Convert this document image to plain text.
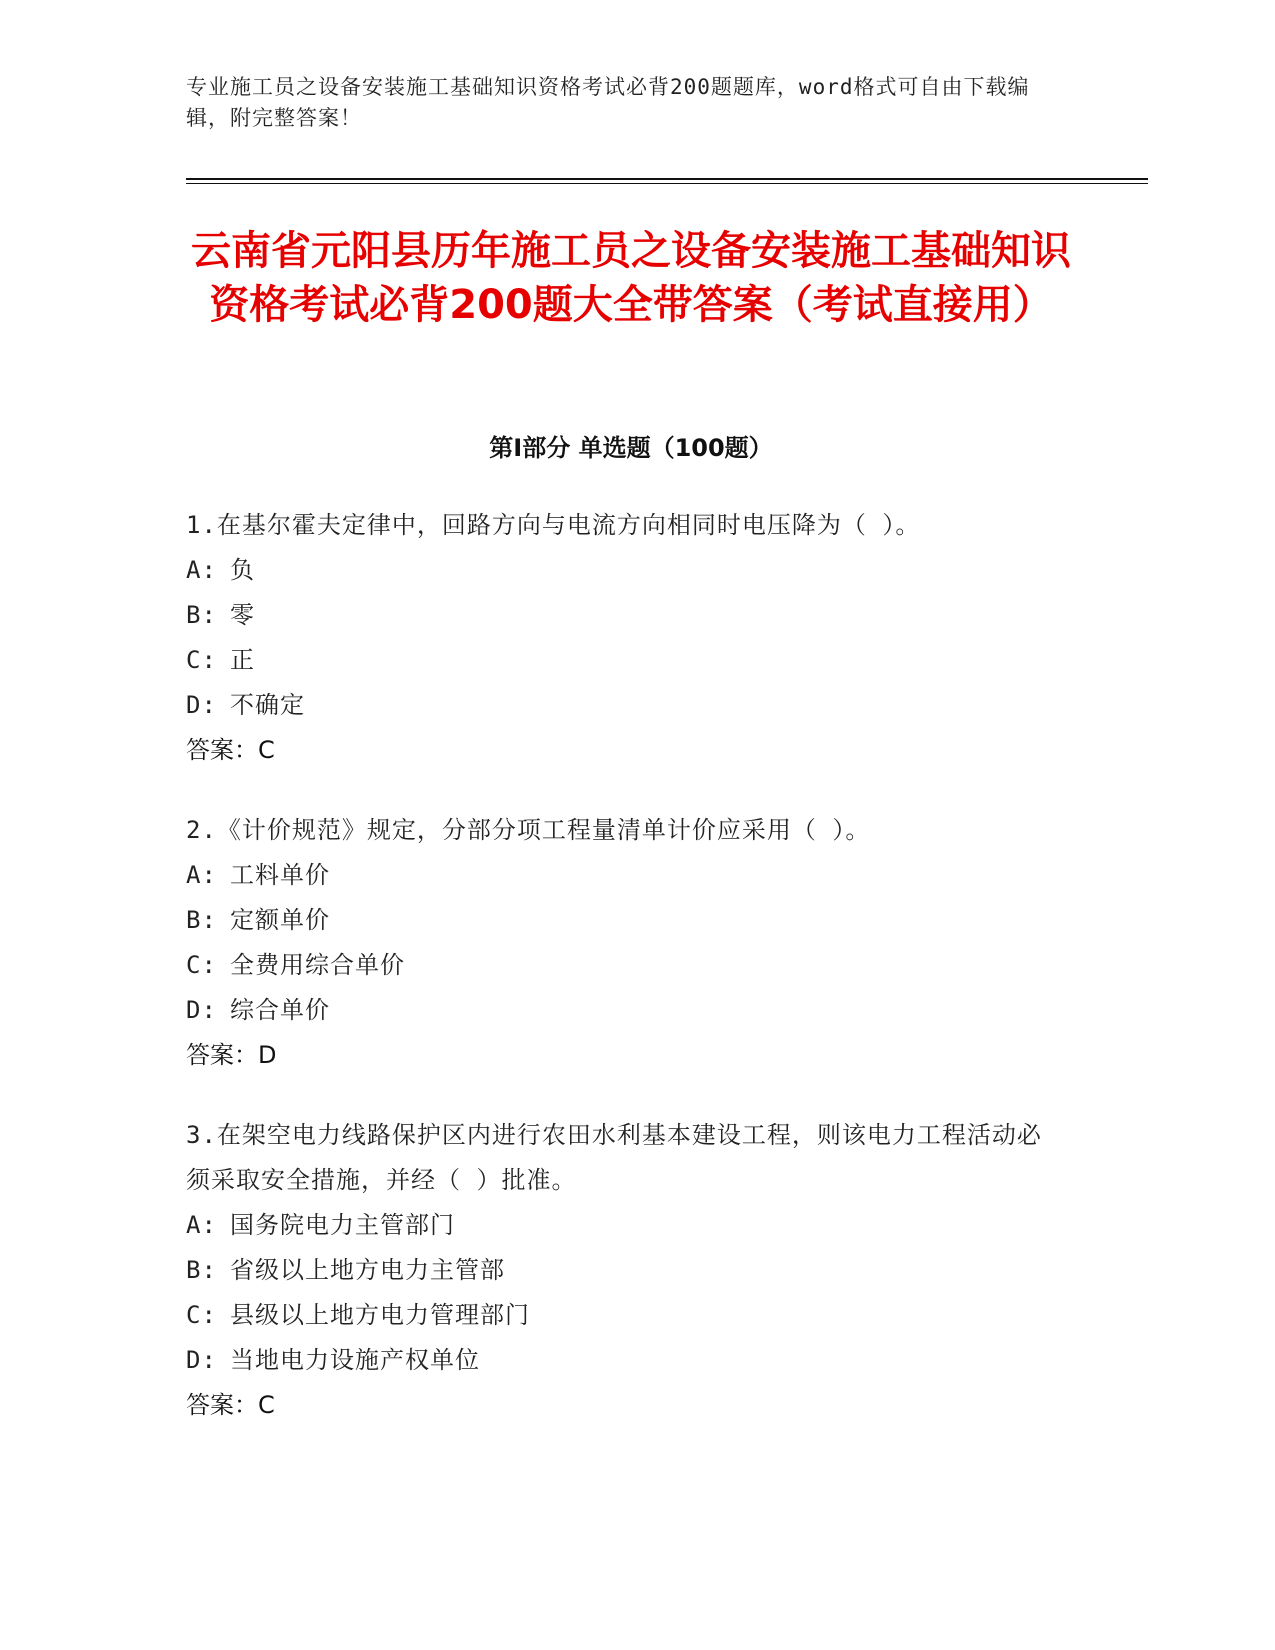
专业施工员之设备安装施工基础知识资格考试必背200题题库，word格式可自由下载编辑，附完整答案！
云南省元阳县历年施工员之设备安装施工基础知识资格考试必背200题大全带答案（考试直接用）
第I部分 单选题（100题）

1.在基尔霍夫定律中，回路方向与电流方向相同时电压降为（ ）。

A: 负
B: 零
C: 正
D: 不确定

答案：C

2.《计价规范》规定，分部分项工程量清单计价应采用（ ）。

A: 工料单价
B: 定额单价
C: 全费用综合单价
D: 综合单价

答案：D

3.在架空电力线路保护区内进行农田水利基本建设工程，则该电力工程活动必须采取安全措施，并经（ ）批准。

A: 国务院电力主管部门
B: 省级以上地方电力主管部
C: 县级以上地方电力管理部门
D: 当地电力设施产权单位

答案：C
